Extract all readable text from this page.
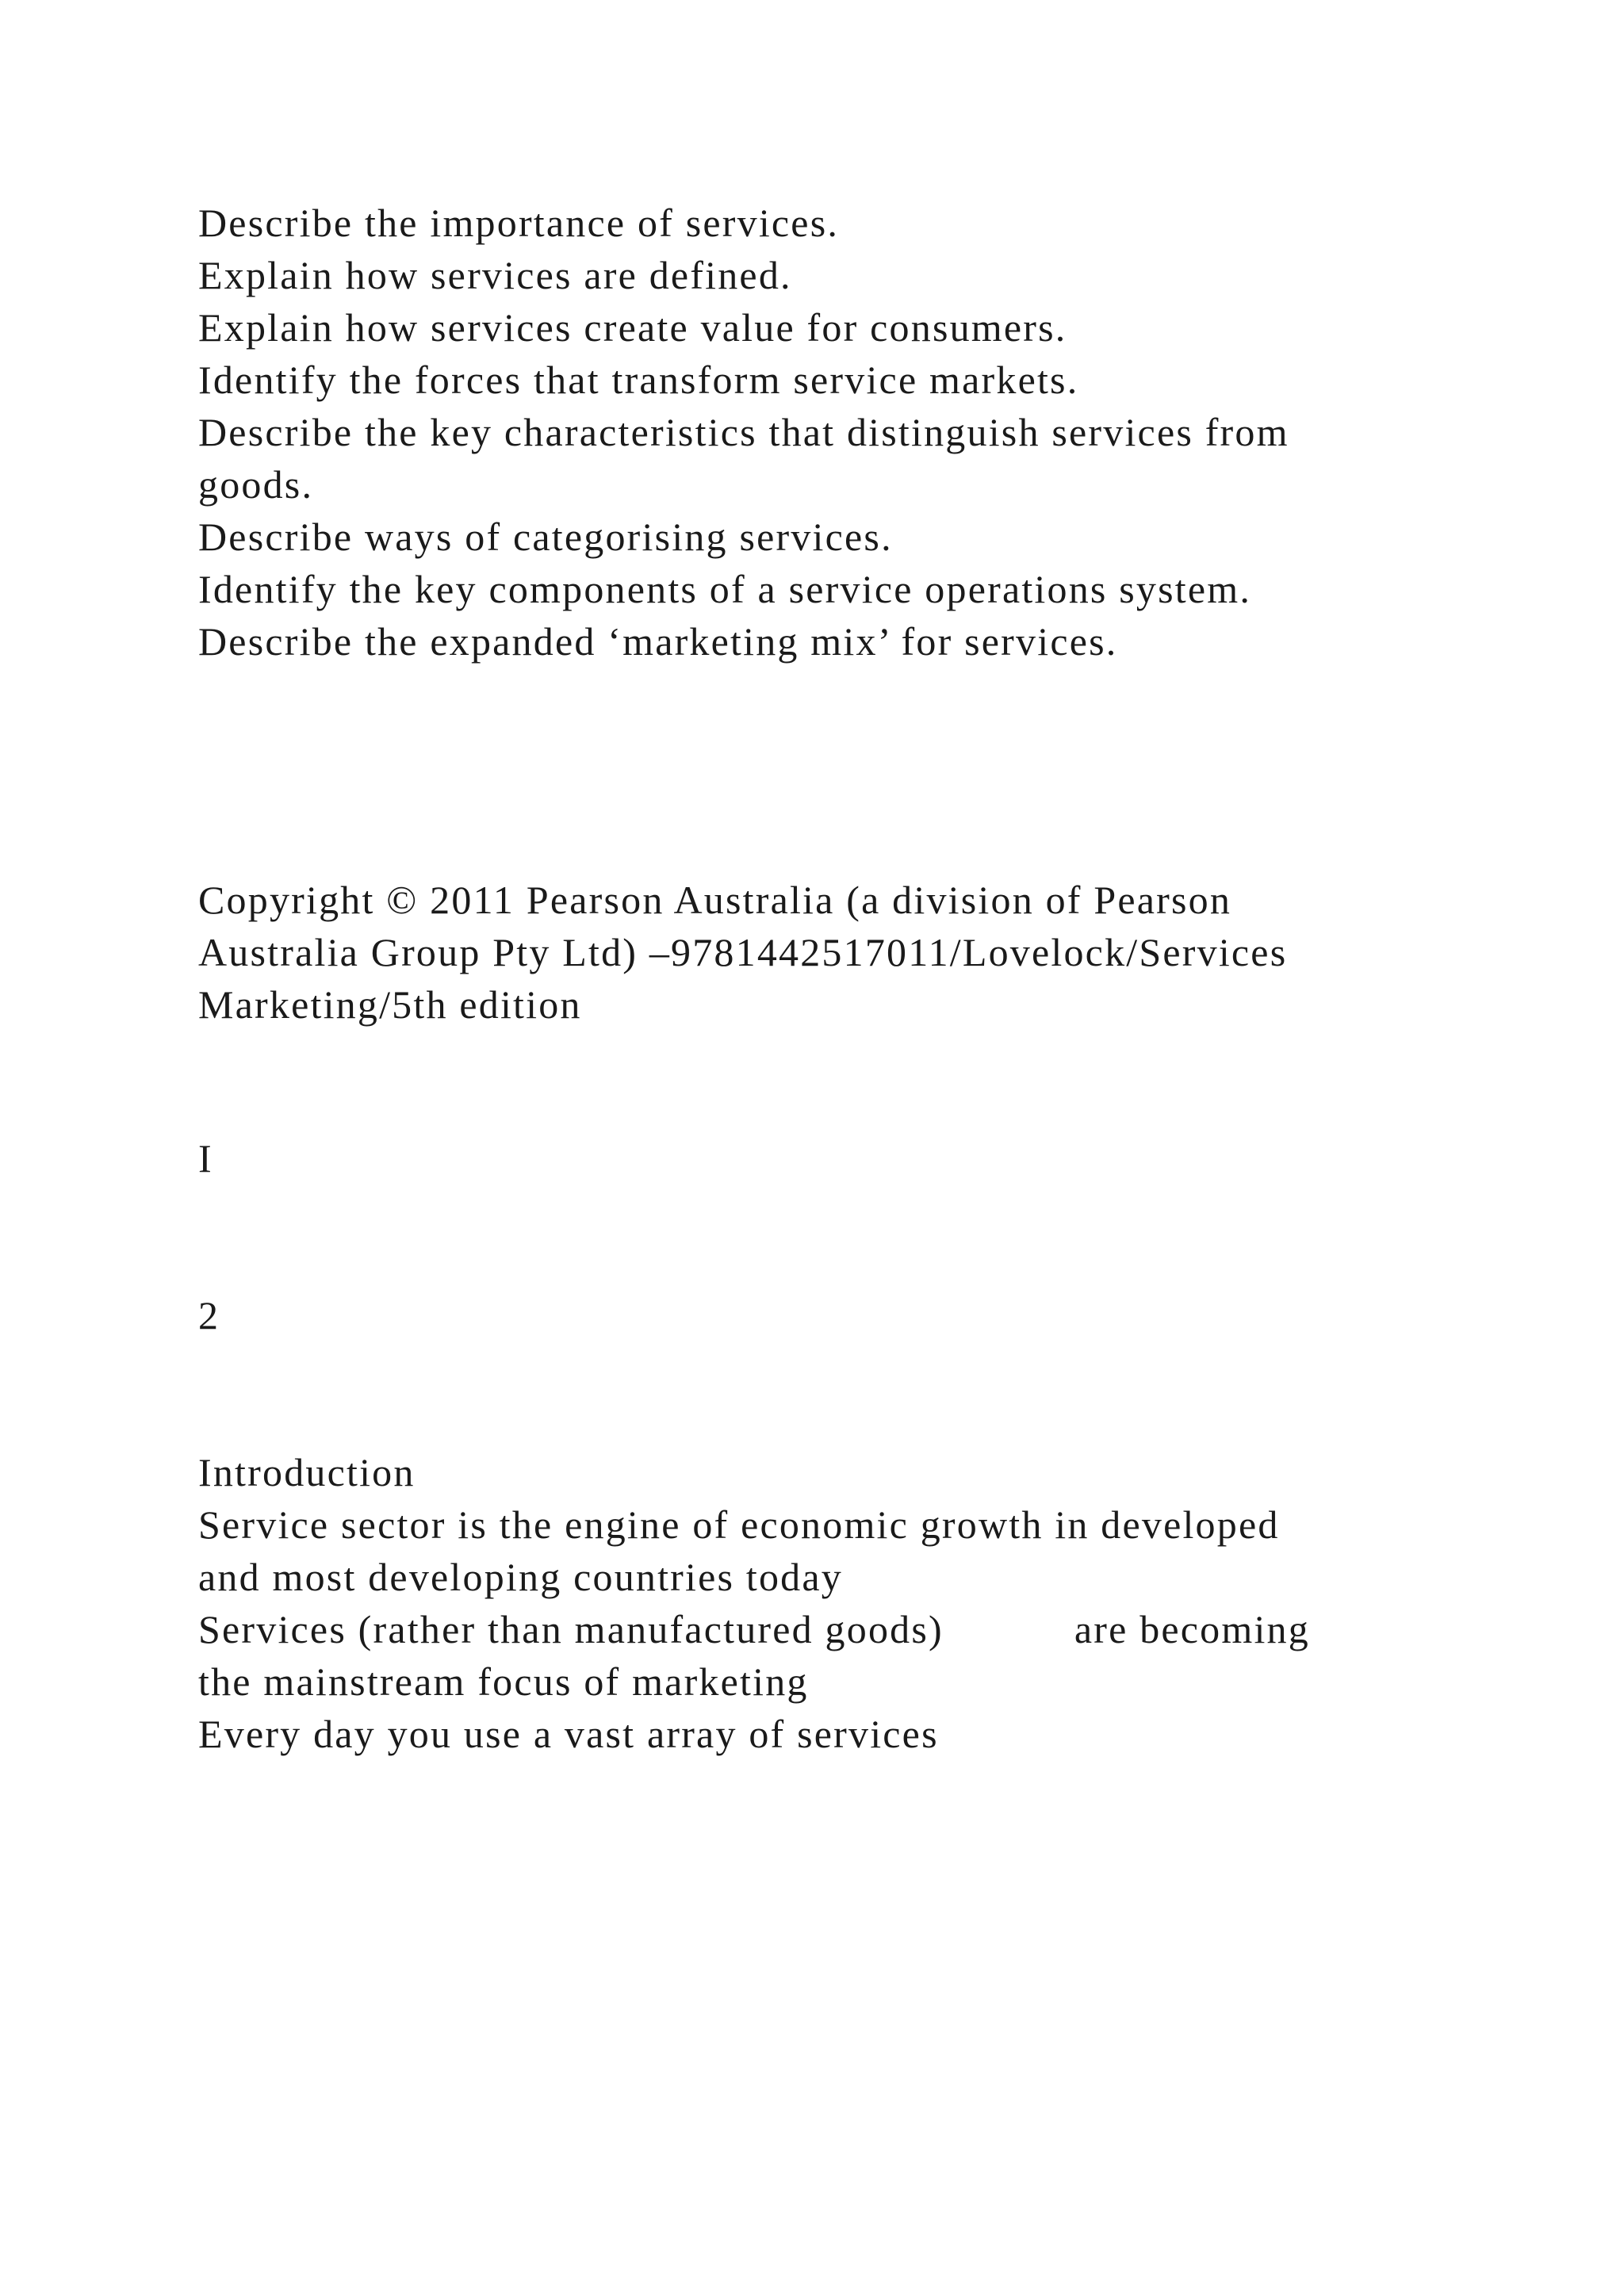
Describe the importance of services.

Explain how services are defined.

Explain how services create value for consumers.

Identify the forces that transform service markets.

Describe the key characteristics that distinguish services from

goods.

Describe ways of categorising services.

Identify the key components of a service operations system.

Describe the expanded ‘marketing mix’ for services.

Copyright © 2011 Pearson Australia (a division of Pearson

Australia Group Pty Ltd) –9781442517011/Lovelock/Services

Marketing/5th edition

I

2

Introduction

Service sector is the engine of economic growth in developed

and most developing countries today

Services (rather than manufactured goods)	are becoming

the mainstream focus of marketing

Every day you use a vast array of services
